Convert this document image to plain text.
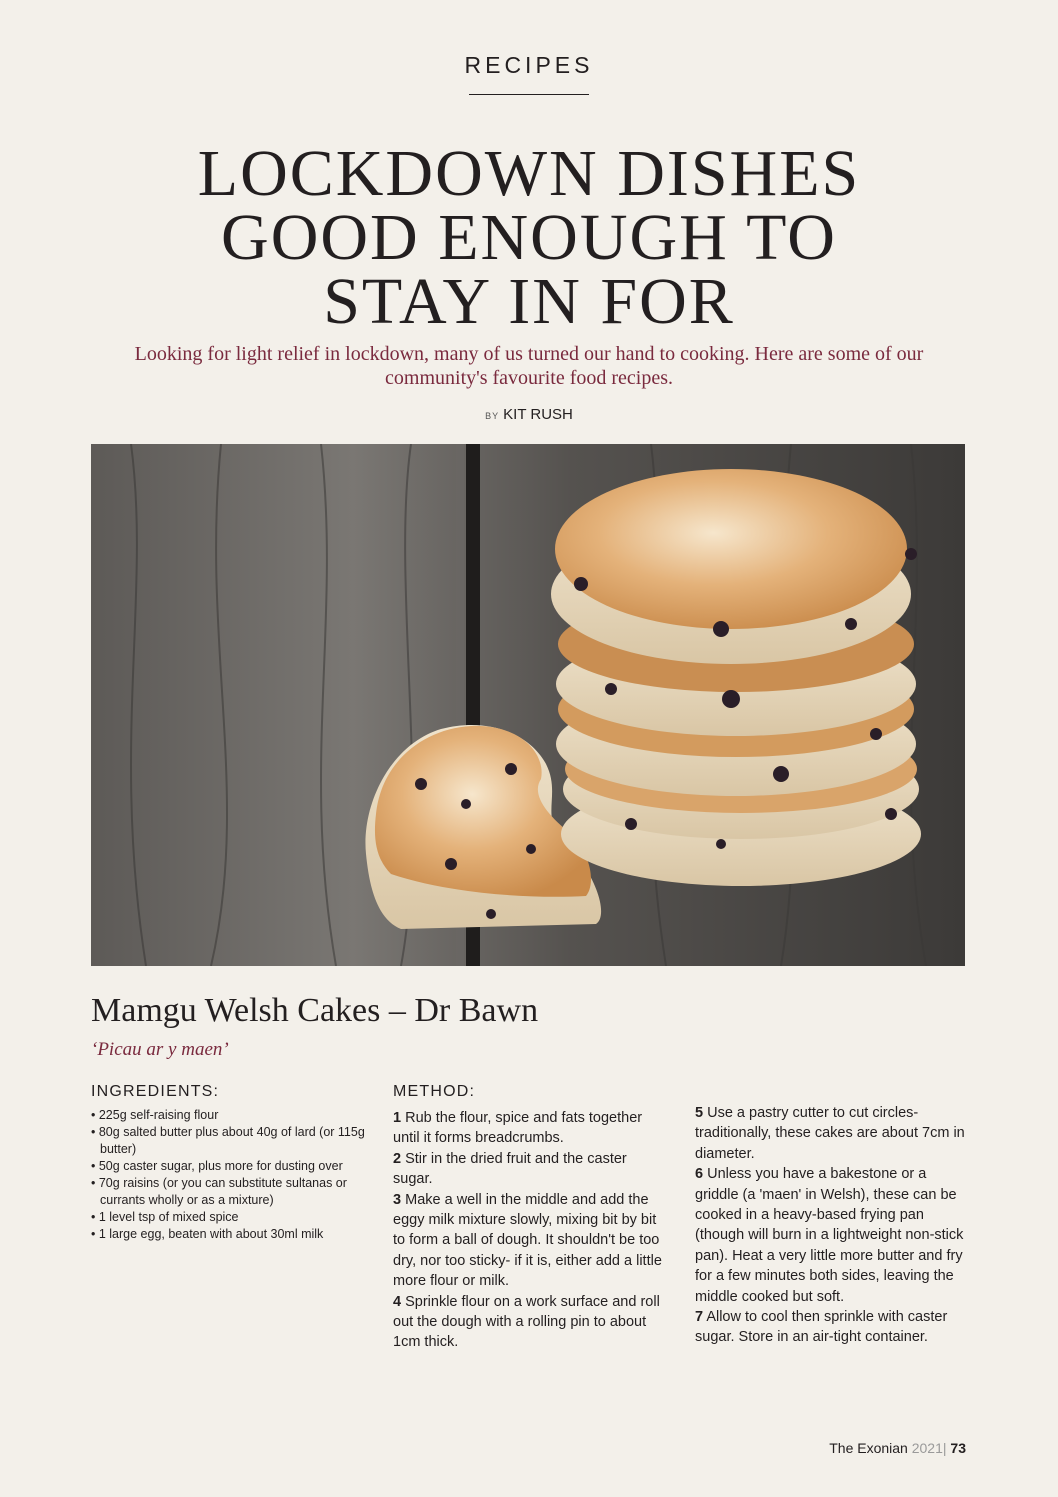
RECIPES
LOCKDOWN DISHES
GOOD ENOUGH TO
STAY IN FOR

Looking for light relief in lockdown, many of us turned our hand to cooking. Here are some of our community's favourite food recipes.

BY KIT RUSH
Mamgu Welsh Cakes – Dr Bawn
‘Picau ar y maen’
INGREDIENTS:
• 225g self-raising flour
• 80g salted butter plus about 40g of lard (or 115g butter)
• 50g caster sugar, plus more for dusting over
• 70g raisins (or you can substitute sultanas or currants wholly or as a mixture)
• 1 level tsp of mixed spice
• 1 large egg, beaten with about 30ml milk
METHOD:

1 Rub the flour, spice and fats together until it forms breadcrumbs.

2 Stir in the dried fruit and the caster sugar.

3 Make a well in the middle and add the eggy milk mixture slowly, mixing bit by bit to form a ball of dough. It shouldn't be too dry, nor too sticky- if it is, either add a little more flour or milk.

4 Sprinkle flour on a work surface and roll out the dough with a rolling pin to about 1cm thick.

5 Use a pastry cutter to cut circles- traditionally, these cakes are about 7cm in diameter.

6 Unless you have a bakestone or a griddle (a 'maen' in Welsh), these can be cooked in a heavy-based frying pan (though will burn in a lightweight non-stick pan). Heat a very little more butter and fry for a few minutes both sides, leaving the middle cooked but soft.

7 Allow to cool then sprinkle with caster sugar. Store in an air-tight container.

The Exonian 2021| 73
